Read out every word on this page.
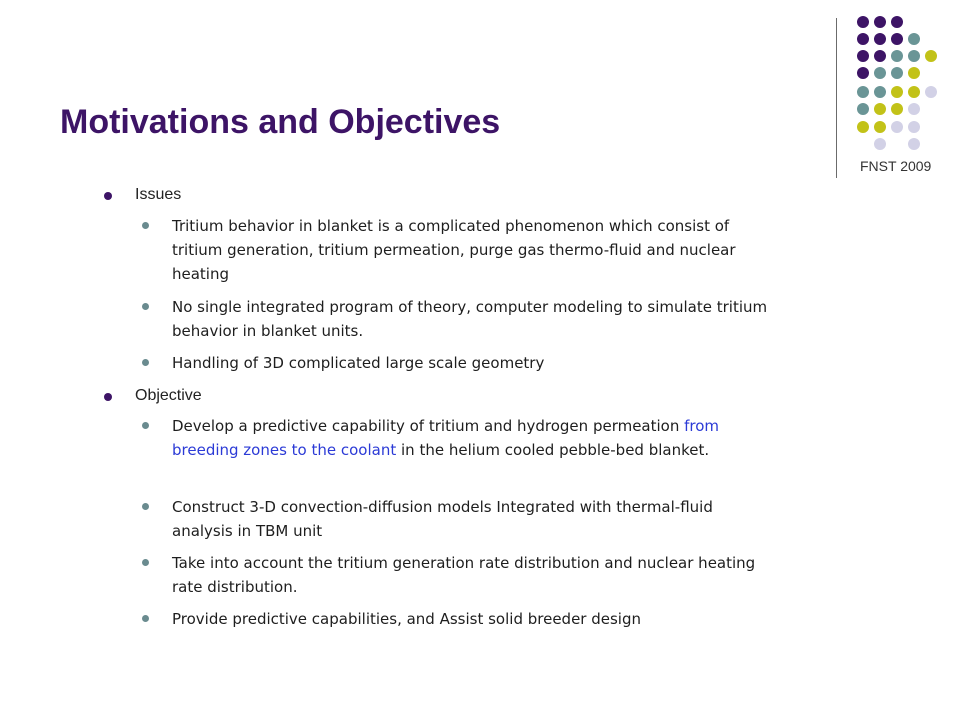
Motivations and Objectives
FNST 2009
Issues
Tritium behavior in blanket is a complicated phenomenon which consist of tritium generation, tritium permeation, purge gas thermo-fluid and nuclear heating
No single integrated program of theory, computer modeling to simulate tritium behavior in blanket units.
Handling of 3D complicated large scale geometry
Objective
Develop a predictive capability of tritium and hydrogen permeation from breeding zones to the coolant in the helium cooled pebble-bed blanket.
Construct 3-D convection-diffusion models Integrated with thermal-fluid analysis in TBM unit
Take into account the tritium generation rate distribution and nuclear heating rate distribution.
Provide predictive capabilities, and Assist solid breeder design
